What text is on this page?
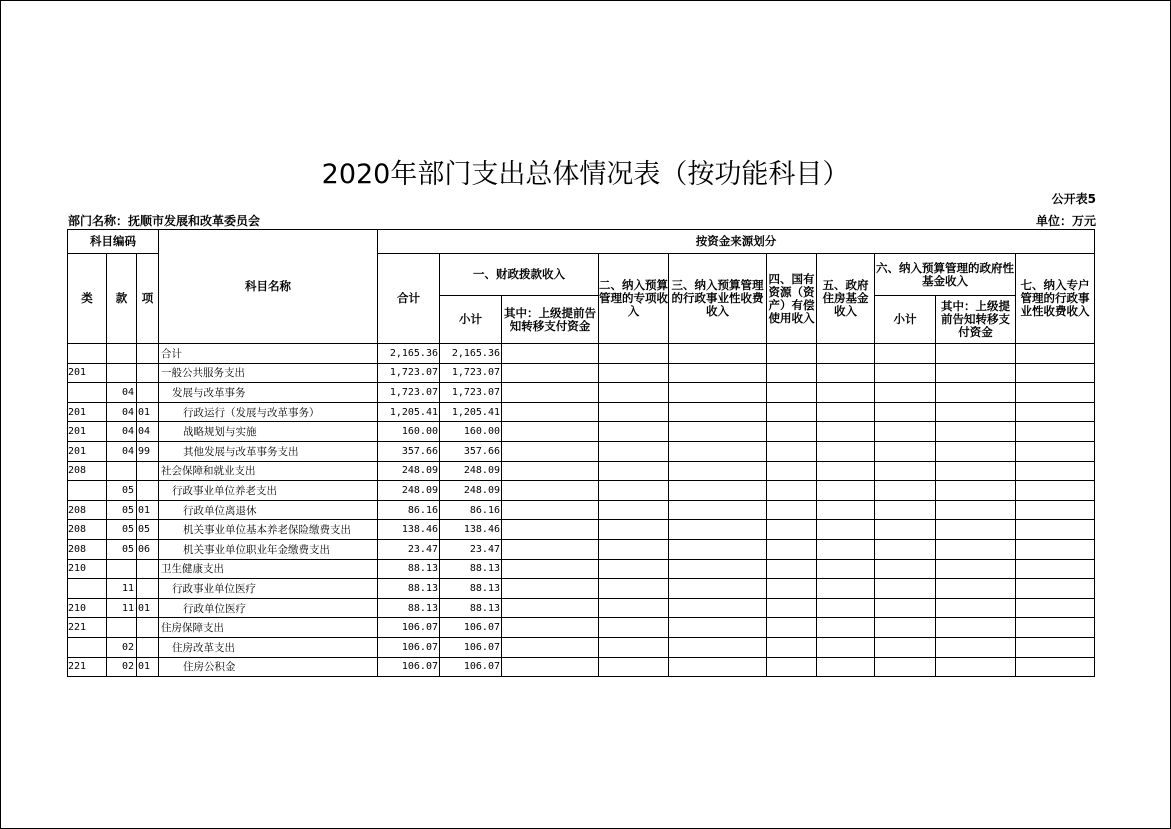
2020年部门支出总体情况表（按功能科目）
公开表5
部门名称：抚顺市发展和改革委员会	单位：万元
科目编码			科目名称	按资金来源划分									
类	款	项		合计	一、财政拨款收入		二、纳入预算管理的专项收入	三、纳入预算管理的行政事业性收费收入	四、国有资源（资产）有偿使用收入	五、政府住房基金收入	六、纳入预算管理的政府性基金收入		七、纳入专户管理的行政事业性收费收入
					小计	其中：上级提前告知转移支付资金					小计	其中：上级提前告知转移支付资金	
			合计	2,165.36	2,165.36								
201			一般公共服务支出	1,723.07	1,723.07								
	04		发展与改革事务	1,723.07	1,723.07								
201	04	01	行政运行（发展与改革事务）	1,205.41	1,205.41								
201	04	04	战略规划与实施	160.00	160.00								
201	04	99	其他发展与改革事务支出	357.66	357.66								
208			社会保障和就业支出	248.09	248.09								
	05		行政事业单位养老支出	248.09	248.09								
208	05	01	行政单位离退休	86.16	86.16								
208	05	05	机关事业单位基本养老保险缴费支出	138.46	138.46								
208	05	06	机关事业单位职业年金缴费支出	23.47	23.47								
210			卫生健康支出	88.13	88.13								
	11		行政事业单位医疗	88.13	88.13								
210	11	01	行政单位医疗	88.13	88.13								
221			住房保障支出	106.07	106.07								
	02		住房改革支出	106.07	106.07								
221	02	01	住房公积金	106.07	106.07								
